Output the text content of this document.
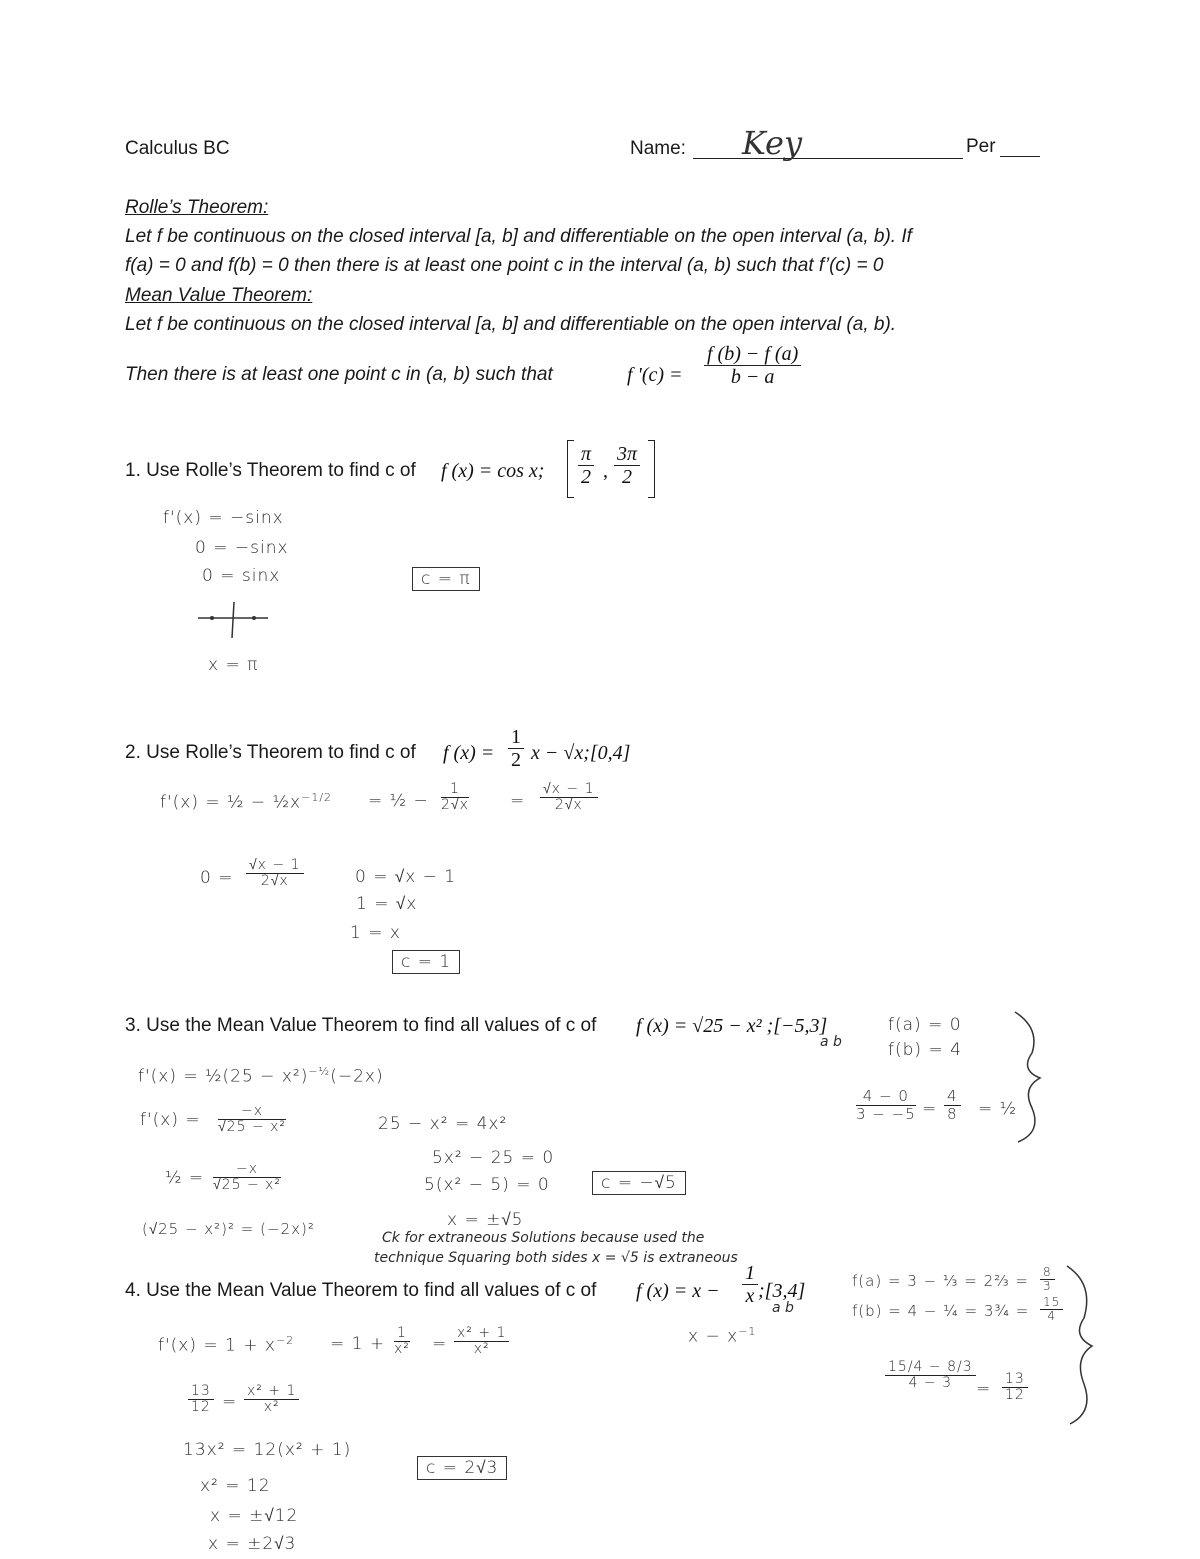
Calculus BC	Name: Key	Per
Rolle’s Theorem:
Let f be continuous on the closed interval [a, b] and differentiable on the open interval (a, b). If
f(a) = 0 and f(b) = 0 then there is at least one point c in the interval (a, b) such that f’(c) = 0
Mean Value Theorem:
Let f be continuous on the closed interval [a, b] and differentiable on the open interval (a, b).
Then there is at least one point c in (a, b) such that	f '$(c) = \frac{f (b) - f (a)}{b - a}$
1. Use Rolle’s Theorem to find c of f (x) = cos x; $\frac{\pi}{2}$ , $\frac{3\pi}{2}$
f'(x) = −sinx
0 = −sinx
0 = sinx
x = π
c = π
2. Use Rolle’s Theorem to find c of f $(x) = \frac{1}{2}$ x − √x;[0,4]
f'(x) = ½ − $\frac{1}{2}x^{-1/2}$ = ½ − $\frac{1}{2√x} = \frac{√x - 1}{2√x}$
$0 = \frac{√x - 1}{2√x}$	0 = √x − 1
1 = √x
1 = x
c = 1
3. Use the Mean Value Theorem to find all values of c of f (x) = √25 − x² ;[−5,3]
a b
f(a) = 0
f(b) = 4
$\frac{4 - 0}{3 - -5} = \frac{4}{8}$ = ½
f'(x) = ½(25 − x²)$^{-\frac{1}{2}}$(−2x)
$f'(x) = \frac{-x}{\text{√25 − x²}}$
½ = $\frac{-x}{\text{√25 − x²}}$
(√25 − x²)² = (−2x)²
25 − x² = 4x²
5x² − 25 = 0
5(x² − 5) = 0
x = ±√5
c = −√5
Ck for extraneous Solutions because used the
technique Squaring both sides x = √5 is extraneous
4. Use the Mean Value Theorem to find all values of c of f $(x) = x - \frac{1}{x}$ ;[3,4]
a b
$x - x^{-1}$
f(a) = 3 − ⅓ = 2⅔ = $\frac{8}{3}$
f(b) = 4 − ¼ = 3¾ = $\frac{15}{4}$
$\frac{15/4 - 8/3}{4 - 3} = \frac{13}{12}$
$f'(x) = 1 + x^{-2} = 1 + \frac{1}{\text{x²}} = \frac{\text{x² + 1}}{\text{x²}}$
$\frac{13}{12} = \frac{\text{x² + 1}}{\text{x²}}$
13x² = 12(x² + 1)
x² = 12
x = ±√12
x = ±2√3
c = 2√3
